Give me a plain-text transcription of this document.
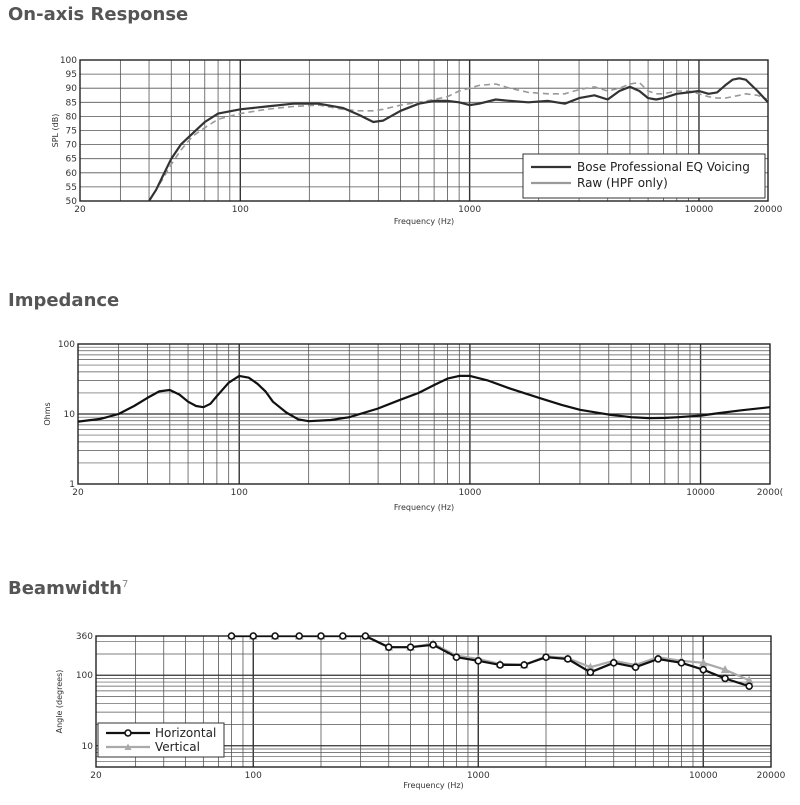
On-axis Response
Impedance
Beamwidth$^7$
20	100	1000	10000	20000
50
55
60
65
70
75
80
85
90
95
100
Frequency (Hz)
SPL (dB)
Bose Professional EQ Voicing
Raw (HPF only)
20	100	1000	10000	2000(
1
10
100
Frequency (Hz)
Ohms
20	100	1000	10000	20000
10
100
360
Frequency (Hz)
Angle (degrees)	Horizontal
Vertical
